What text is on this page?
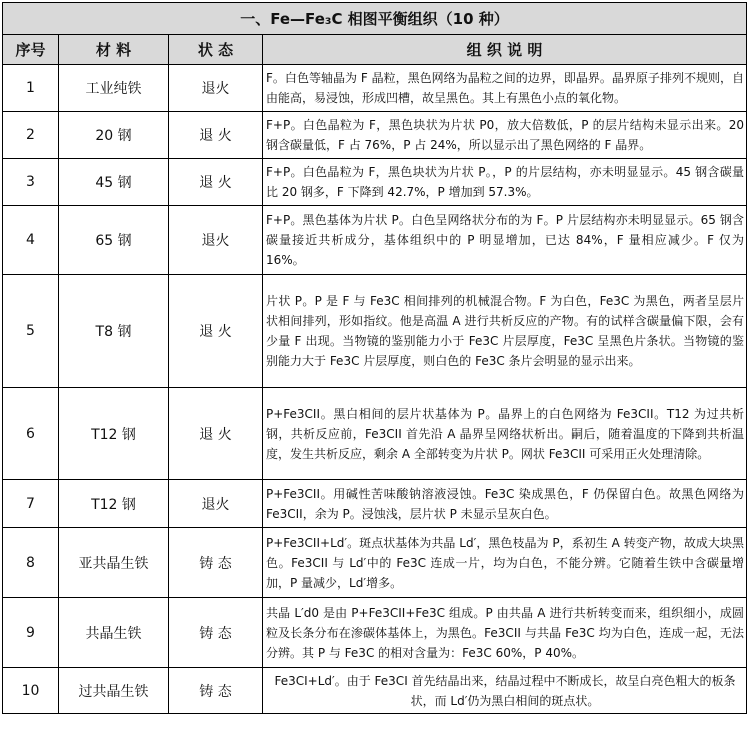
一、Fe—Fe₃C 相图平衡组织（10 种）			
序号	材 料	状 态	组 织 说 明
1	工业纯铁	退火	F。白色等轴晶为 F 晶粒，黑色网络为晶粒之间的边界，即晶界。晶界原子排列不规则，自由能高，易浸蚀，形成凹槽，故呈黑色。其上有黑色小点的氧化物。
2	20 钢	退 火	F+P。白色晶粒为 F，黑色块状为片状 P0，放大倍数低，P 的层片结构未显示出来。20 钢含碳量低，F 占 76%，P 占 24%，所以显示出了黑色网络的 F 晶界。
3	45 钢	退 火	F+P。白色晶粒为 F，黑色块状为片状 P。，P 的片层结构，亦未明显显示。45 钢含碳量比 20 钢多，F 下降到 42.7%，P 增加到 57.3%。
4	65 钢	退火	F+P。黑色基体为片状 P。白色呈网络状分布的为 F。P 片层结构亦未明显显示。65 钢含碳量接近共析成分，基体组织中的 P 明显增加，已达 84%，F 量相应减少。F 仅为 16%。
5	T8 钢	退 火	片状 P。P 是 F 与 Fe3C 相间排列的机械混合物。F 为白色，Fe3C 为黑色，两者呈层片状相间排列，形如指纹。他是高温 A 进行共析反应的产物。有的试样含碳量偏下限，会有少量 F 出现。当物镜的鉴别能力小于 Fe3C 片层厚度，Fe3C 呈黑色片条状。当物镜的鉴别能力大于 Fe3C 片层厚度，则白色的 Fe3C 条片会明显的显示出来。
6	T12 钢	退 火	P+Fe3CII。黑白相间的层片状基体为 P。晶界上的白色网络为 Fe3CII。T12 为过共析钢，共析反应前，Fe3CII 首先沿 A 晶界呈网络状析出。嗣后，随着温度的下降到共析温度，发生共析反应，剩余 A 全部转变为片状 P。网状 Fe3CII 可采用正火处理清除。
7	T12 钢	退火	P+Fe3CII。用碱性苦味酸钠溶液浸蚀。Fe3C 染成黑色，F 仍保留白色。故黑色网络为 Fe3CII，余为 P。浸蚀浅，层片状 P 未显示呈灰白色。
8	亚共晶生铁	铸 态	P+Fe3CII+Ld′。斑点状基体为共晶 Ld′，黑色枝晶为 P，系初生 A 转变产物，故成大块黑色。Fe3CII 与 Ld′中的 Fe3C 连成一片，均为白色，不能分辨。它随着生铁中含碳量增加，P 量减少，Ld′增多。
9	共晶生铁	铸 态	共晶 L′d0 是由 P+Fe3CII+Fe3C 组成。P 由共晶 A 进行共析转变而来，组织细小，成圆粒及长条分布在渗碳体基体上，为黑色。Fe3CII 与共晶 Fe3C 均为白色，连成一起，无法分辨。其 P 与 Fe3C 的相对含量为：Fe3C 60%，P 40%。
10	过共晶生铁	铸 态	Fe3CI+Ld′。由于 Fe3CI 首先结晶出来，结晶过程中不断成长，故呈白亮色粗大的板条状，而 Ld′仍为黑白相间的斑点状。
